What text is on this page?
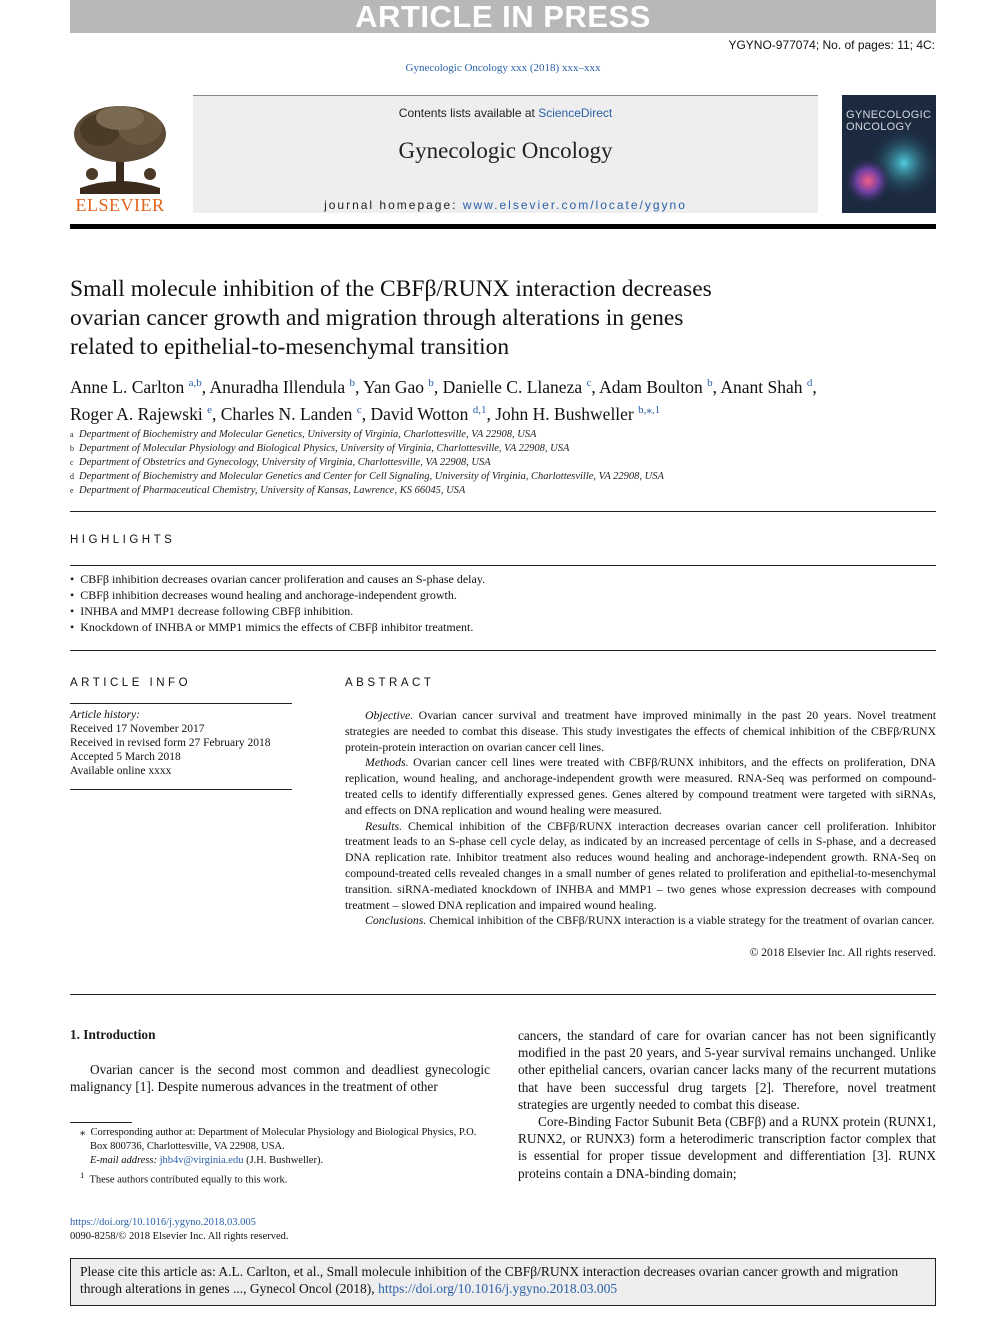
ARTICLE IN PRESS
YGYNO-977074; No. of pages: 11; 4C:
Gynecologic Oncology xxx (2018) xxx–xxx
ELSEVIER
Contents lists available at ScienceDirect
Gynecologic Oncology
journal homepage: www.elsevier.com/locate/ygyno
GYNECOLOGIC ONCOLOGY
Small molecule inhibition of the CBFβ/RUNX interaction decreases
ovarian cancer growth and migration through alterations in genes
related to epithelial-to-mesenchymal transition
Anne L. Carlton $^{a,b}$, Anuradha Illendula $^b$, Yan Gao $^b$, Danielle C. Llaneza $^c$, Adam Boulton $^b$, Anant Shah $^d$,
Roger A. Rajewski $^e$, Charles N. Landen $^c$, David Wotton $^{d,1}$, John H. Bushweller $^{b,⁎,1}$
a Department of Biochemistry and Molecular Genetics, University of Virginia, Charlottesville, VA 22908, USA
b Department of Molecular Physiology and Biological Physics, University of Virginia, Charlottesville, VA 22908, USA
c Department of Obstetrics and Gynecology, University of Virginia, Charlottesville, VA 22908, USA
d Department of Biochemistry and Molecular Genetics and Center for Cell Signaling, University of Virginia, Charlottesville, VA 22908, USA
e Department of Pharmaceutical Chemistry, University of Kansas, Lawrence, KS 66045, USA
HIGHLIGHTS
• CBFβ inhibition decreases ovarian cancer proliferation and causes an S-phase delay.
• CBFβ inhibition decreases wound healing and anchorage-independent growth.
• INHBA and MMP1 decrease following CBFβ inhibition.
• Knockdown of INHBA or MMP1 mimics the effects of CBFβ inhibitor treatment.
ARTICLE INFO
Article history:
Received 17 November 2017
Received in revised form 27 February 2018
Accepted 5 March 2018
Available online xxxx
ABSTRACT

Objective. Ovarian cancer survival and treatment have improved minimally in the past 20 years. Novel treatment strategies are needed to combat this disease. This study investigates the effects of chemical inhibition of the CBFβ/RUNX protein-protein interaction on ovarian cancer cell lines.

Methods. Ovarian cancer cell lines were treated with CBFβ/RUNX inhibitors, and the effects on proliferation, DNA replication, wound healing, and anchorage-independent growth were measured. RNA-Seq was performed on compound-treated cells to identify differentially expressed genes. Genes altered by compound treatment were targeted with siRNAs, and effects on DNA replication and wound healing were measured.

Results. Chemical inhibition of the CBFβ/RUNX interaction decreases ovarian cancer cell proliferation. Inhibitor treatment leads to an S-phase cell cycle delay, as indicated by an increased percentage of cells in S-phase, and a decreased DNA replication rate. Inhibitor treatment also reduces wound healing and anchorage-independent growth. RNA-Seq on compound-treated cells revealed changes in a small number of genes related to proliferation and epithelial-to-mesenchymal transition. siRNA-mediated knockdown of INHBA and MMP1 – two genes whose expression decreases with compound treatment – slowed DNA replication and impaired wound healing.

Conclusions. Chemical inhibition of the CBFβ/RUNX interaction is a viable strategy for the treatment of ovarian cancer.

© 2018 Elsevier Inc. All rights reserved.
1. Introduction

Ovarian cancer is the second most common and deadliest gynecologic malignancy [1]. Despite numerous advances in the treatment of other

cancers, the standard of care for ovarian cancer has not been significantly modified in the past 20 years, and 5-year survival remains unchanged. Unlike other epithelial cancers, ovarian cancer lacks many of the recurrent mutations that have been successful drug targets [2]. Therefore, novel treatment strategies are urgently needed to combat this disease.

Core-Binding Factor Subunit Beta (CBFβ) and a RUNX protein (RUNX1, RUNX2, or RUNX3) form a heterodimeric transcription factor complex that is essential for proper tissue development and differentiation [3]. RUNX proteins contain a DNA-binding domain;

⁎ Corresponding author at: Department of Molecular Physiology and Biological Physics, P.O. Box 800736, Charlottesville, VA 22908, USA.
E-mail address: jhb4v@virginia.edu (J.H. Bushweller).
$^1$ These authors contributed equally to this work.
https://doi.org/10.1016/j.ygyno.2018.03.005
0090-8258/© 2018 Elsevier Inc. All rights reserved.
Please cite this article as: A.L. Carlton, et al., Small molecule inhibition of the CBFβ/RUNX interaction decreases ovarian cancer growth and migration through alterations in genes ..., Gynecol Oncol (2018), https://doi.org/10.1016/j.ygyno.2018.03.005
